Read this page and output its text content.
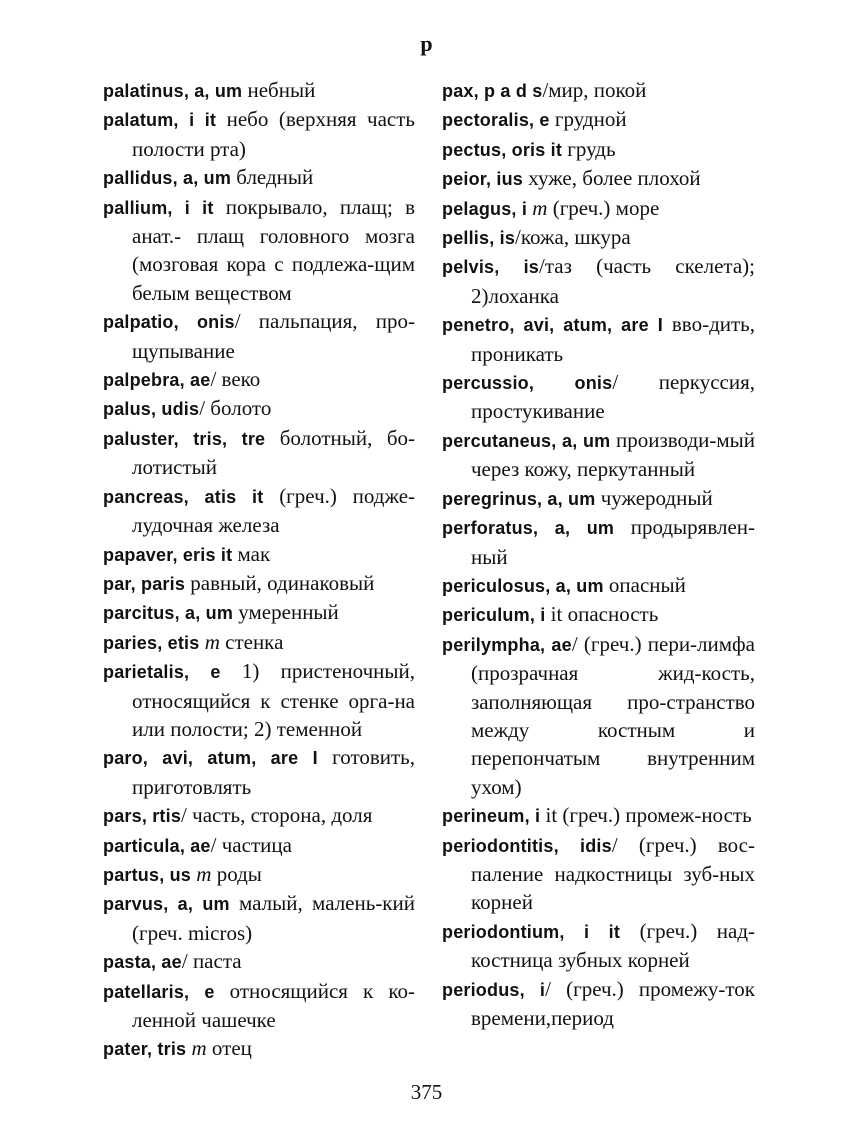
p

palatinus, a, um небный

palatum, i it небо (верхняя часть полости рта)

pallidus, a, um бледный

pallium, i it покрывало, плащ; в анат.- плащ головного мозга (мозговая кора с подлежа-щим белым веществом

palpatio, onis/ пальпация, про-щупывание

palpebra, ae/ веко

palus, udis/ болото

paluster, tris, tre болотный, бо-лотистый

pancreas, atis it (греч.) подже-лудочная железа

papaver, eris it мак

par, paris равный, одинаковый

parcitus, a, um умеренный

paries, etis m стенка

parietalis, e 1) пристеночный, относящийся к стенке орга-на или полости; 2) теменной

paro, avi, atum, are I готовить, приготовлять

pars, rtis/ часть, сторона, доля

particula, ae/ частица

partus, us m роды

parvus, a, um малый, малень-кий (греч. micros)

pasta, ae/ паста

patellaris, e относящийся к ко-ленной чашечке

pater, tris m отец

pax, p a d s/мир, покой

pectoralis, e грудной

pectus, oris it грудь

peior, ius хуже, более плохой

pelagus, i m (греч.) море

pellis, is/кожа, шкура

pelvis, is/таз (часть скелета); 2)лоханка

penetro, avi, atum, are I вво-дить, проникать

percussio, onis/ перкуссия, простукивание

percutaneus, a, um производи-мый через кожу, перкутанный

peregrinus, a, um чужеродный

perforatus, a, um продырявлен-ный

periculosus, a, um опасный

periculum, i it опасность

perilympha, ae/ (греч.) пери-лимфа (прозрачная жид-кость, заполняющая про-странство между костным и перепончатым внутренним ухом)

perineum, i it (греч.) промеж-ность

periodontitis, idis/ (греч.) вос-паление надкостницы зуб-ных корней

periodontium, i it (греч.) над-костница зубных корней

periodus, i/ (греч.) промежу-ток времени,период

375
